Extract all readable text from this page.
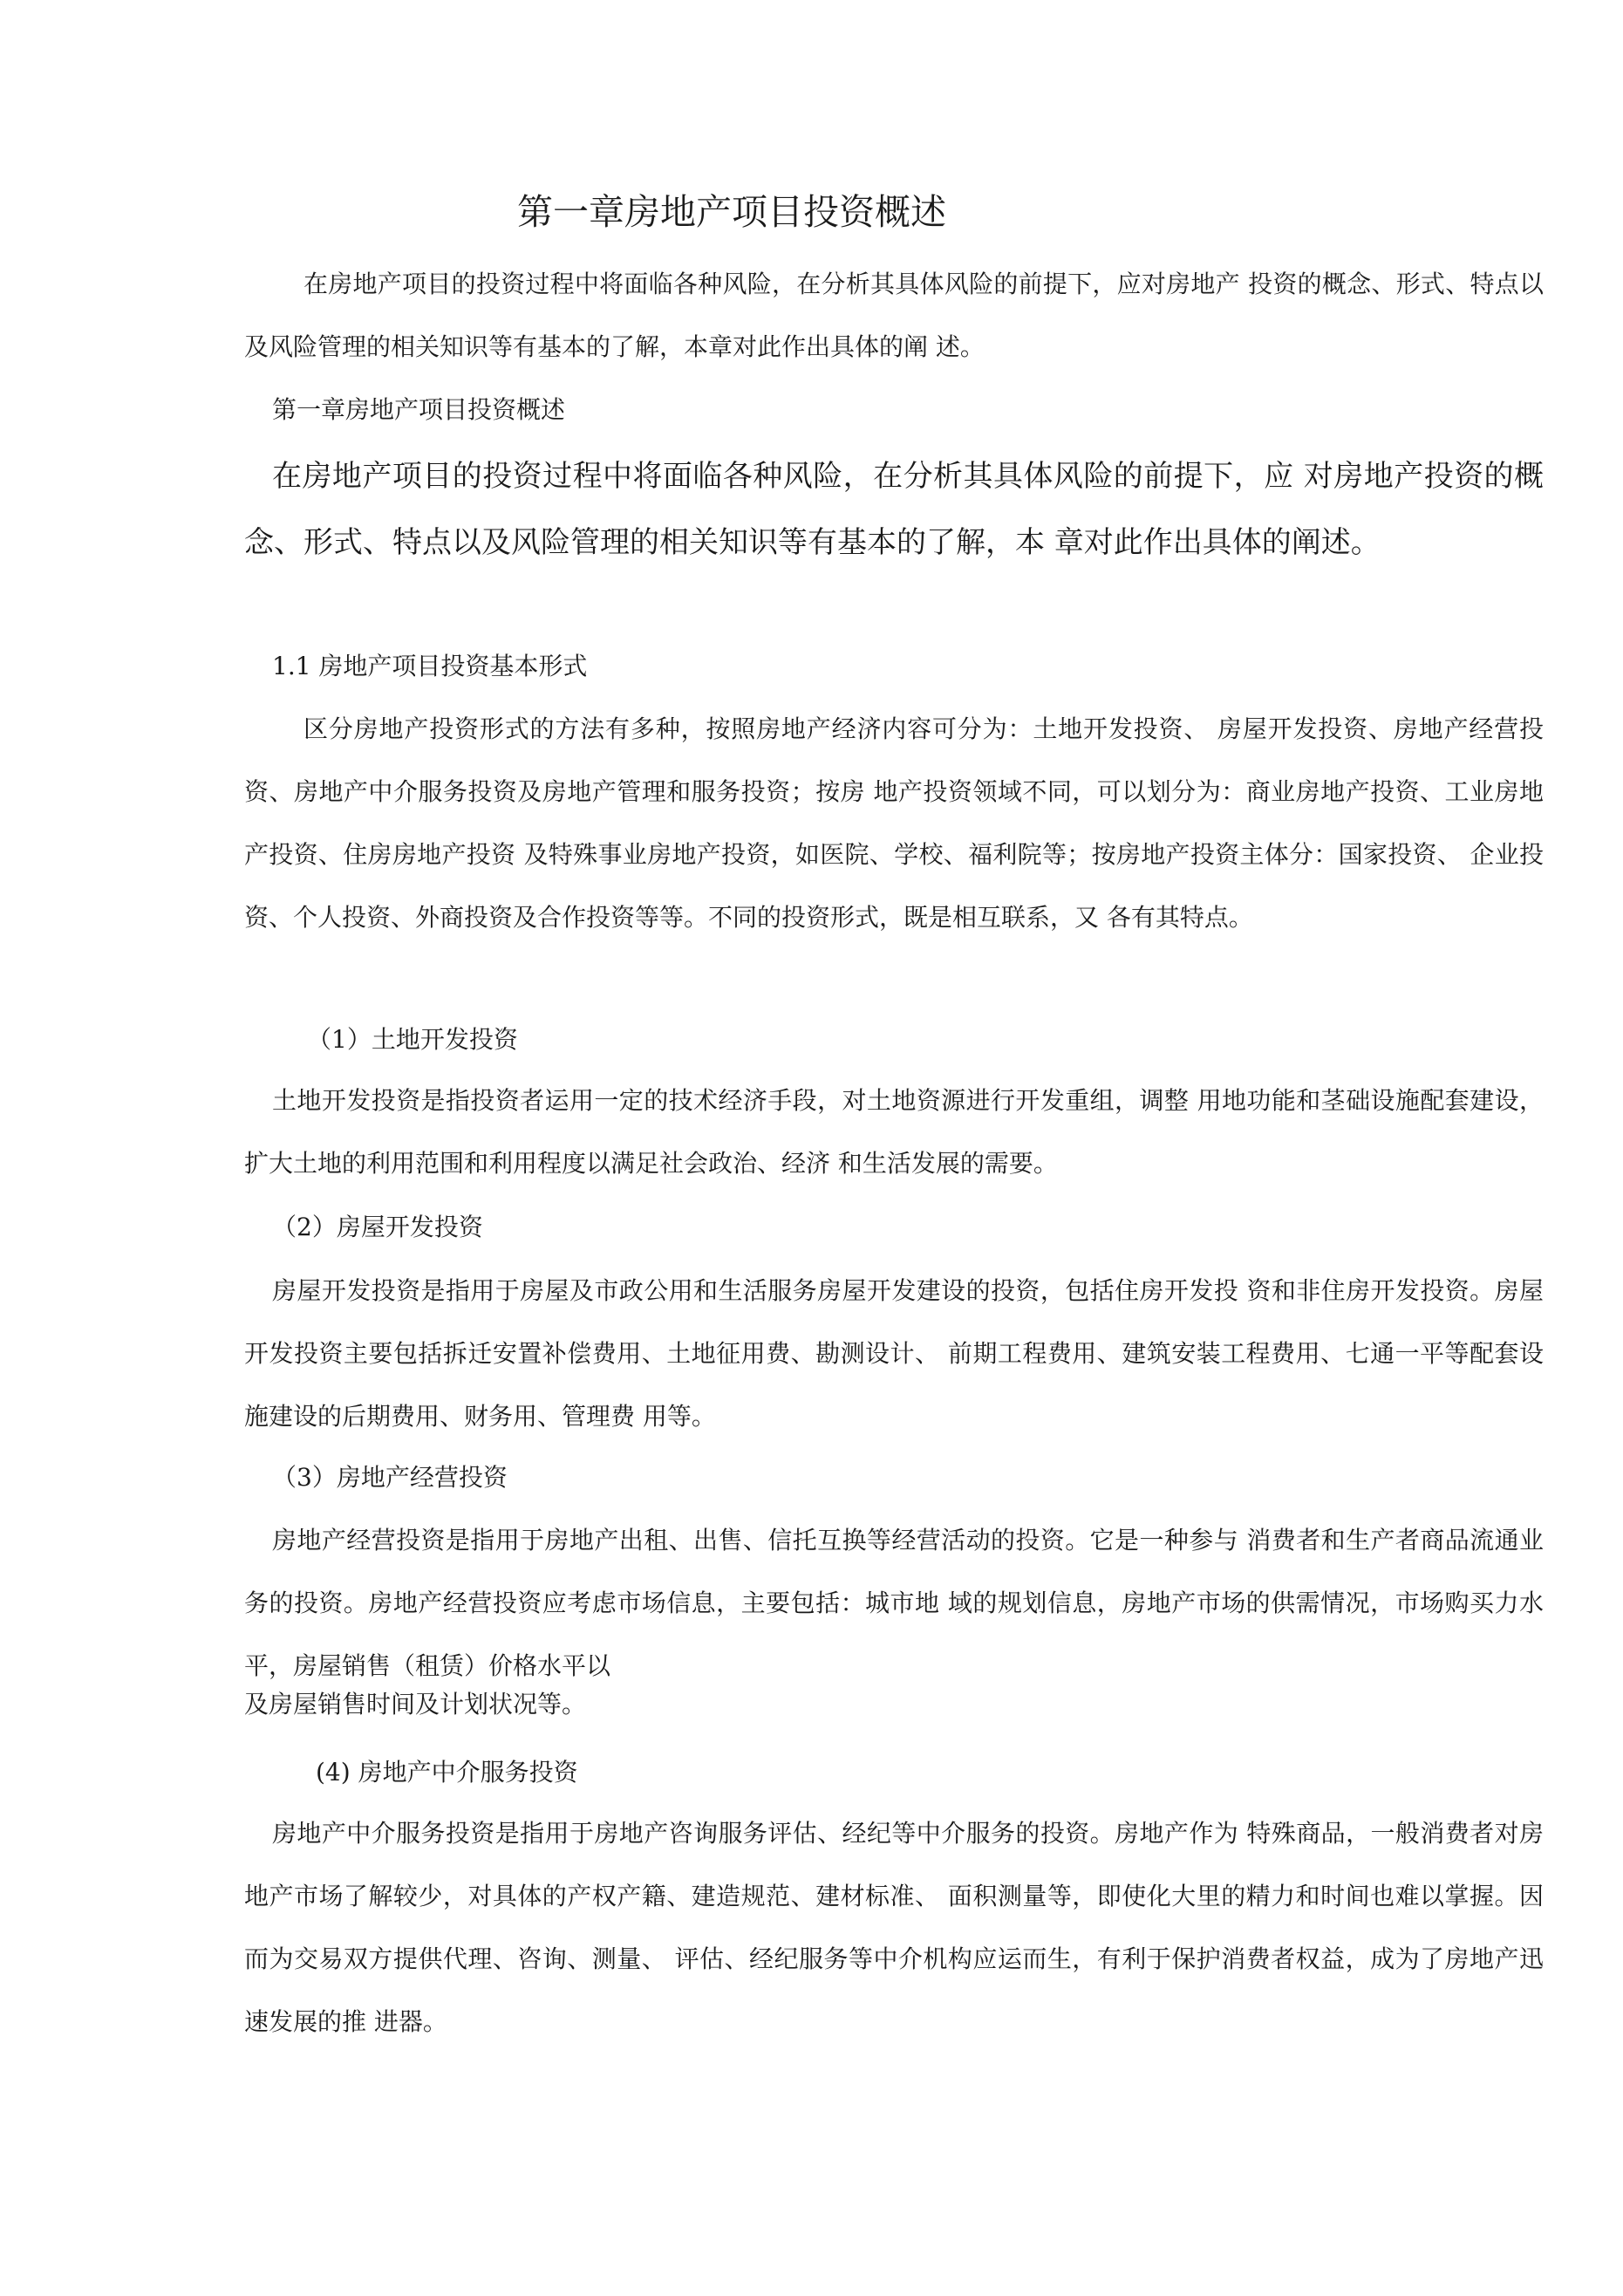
第一章房地产项目投资概述

在房地产项目的投资过程中将面临各种风险，在分析其具体风险的前提下，应对房地产 投资的概念、形式、特点以及风险管理的相关知识等有基本的了解，本章对此作出具体的阐 述。

第一章房地产项目投资概述

在房地产项目的投资过程中将面临各种风险，在分析其具体风险的前提下，应 对房地产投资的概念、形式、特点以及风险管理的相关知识等有基本的了解，本 章对此作出具体的阐述。

1.1 房地产项目投资基本形式

区分房地产投资形式的方法有多种，按照房地产经济内容可分为：土地开发投资、 房屋开发投资、房地产经营投资、房地产中介服务投资及房地产管理和服务投资；按房 地产投资领域不同，可以划分为：商业房地产投资、工业房地产投资、住房房地产投资 及特殊事业房地产投资，如医院、学校、福利院等；按房地产投资主体分：国家投资、 企业投资、个人投资、外商投资及合作投资等等。不同的投资形式，既是相互联系，又 各有其特点。

（1）土地开发投资

土地开发投资是指投资者运用一定的技术经济手段，对土地资源进行开发重组，调整 用地功能和茎础设施配套建设，扩大土地的利用范围和利用程度以满足社会政治、经济 和生活发展的需要。

（2）房屋开发投资

房屋开发投资是指用于房屋及市政公用和生活服务房屋开发建设的投资，包括住房开发投 资和非住房开发投资。房屋开发投资主要包括拆迁安置补偿费用、土地征用费、勘测设计、 前期工程费用、建筑安装工程费用、七通一平等配套设施建设的后期费用、财务用、管理费 用等。

（3）房地产经营投资

房地产经营投资是指用于房地产出租、出售、信托互换等经营活动的投资。它是一种参与 消费者和生产者商品流通业务的投资。房地产经营投资应考虑市场信息，主要包括：城市地 域的规划信息，房地产市场的供需情况，市场购买力水平，房屋销售（租赁）价格水平以

及房屋销售时间及计划状况等。

(4) 房地产中介服务投资

房地产中介服务投资是指用于房地产咨询服务评估、经纪等中介服务的投资。房地产作为 特殊商品，一般消费者对房地产市场了解较少，对具体的产权产籍、建造规范、建材标准、 面积测量等，即使化大里的精力和时间也难以掌握。因而为交易双方提供代理、咨询、测量、 评估、经纪服务等中介机构应运而生，有利于保护消费者权益，成为了房地产迅速发展的推 进器。
